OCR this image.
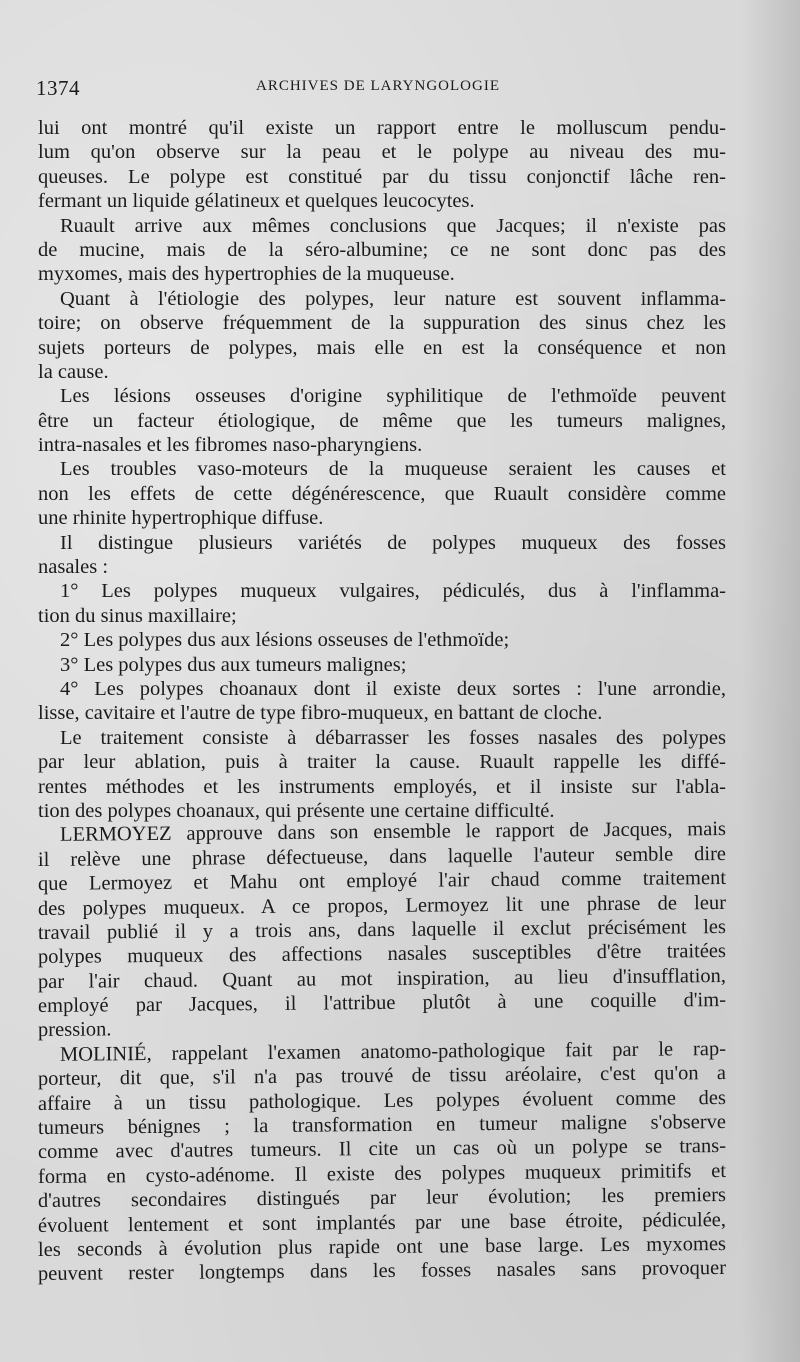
1374	ARCHIVES DE LARYNGOLOGIE
lui ont montré qu'il existe un rapport entre le molluscum pendu-
lum qu'on observe sur la peau et le polype au niveau des mu-
queuses. Le polype est constitué par du tissu conjonctif lâche ren-
fermant un liquide gélatineux et quelques leucocytes.
Ruault arrive aux mêmes conclusions que Jacques; il n'existe pas
de mucine, mais de la séro-albumine; ce ne sont donc pas des
myxomes, mais des hypertrophies de la muqueuse.
Quant à l'étiologie des polypes, leur nature est souvent inflamma-
toire; on observe fréquemment de la suppuration des sinus chez les
sujets porteurs de polypes, mais elle en est la conséquence et non
la cause.
Les lésions osseuses d'origine syphilitique de l'ethmoïde peuvent
être un facteur étiologique, de même que les tumeurs malignes,
intra-nasales et les fibromes naso-pharyngiens.
Les troubles vaso-moteurs de la muqueuse seraient les causes et
non les effets de cette dégénérescence, que Ruault considère comme
une rhinite hypertrophique diffuse.
Il distingue plusieurs variétés de polypes muqueux des fosses
nasales :
1° Les polypes muqueux vulgaires, pédiculés, dus à l'inflamma-
tion du sinus maxillaire;
2° Les polypes dus aux lésions osseuses de l'ethmoïde;
3° Les polypes dus aux tumeurs malignes;
4° Les polypes choanaux dont il existe deux sortes : l'une arrondie,
lisse, cavitaire et l'autre de type fibro-muqueux, en battant de cloche.
Le traitement consiste à débarrasser les fosses nasales des polypes
par leur ablation, puis à traiter la cause. Ruault rappelle les diffé-
rentes méthodes et les instruments employés, et il insiste sur l'abla-
tion des polypes choanaux, qui présente une certaine difficulté.
LERMOYEZ approuve dans son ensemble le rapport de Jacques, mais
il relève une phrase défectueuse, dans laquelle l'auteur semble dire
que Lermoyez et Mahu ont employé l'air chaud comme traitement
des polypes muqueux. A ce propos, Lermoyez lit une phrase de leur
travail publié il y a trois ans, dans laquelle il exclut précisément les
polypes muqueux des affections nasales susceptibles d'être traitées
par l'air chaud. Quant au mot inspiration, au lieu d'insufflation,
employé par Jacques, il l'attribue plutôt à une coquille d'im-
pression.
MOLINIÉ, rappelant l'examen anatomo-pathologique fait par le rap-
porteur, dit que, s'il n'a pas trouvé de tissu aréolaire, c'est qu'on a
affaire à un tissu pathologique. Les polypes évoluent comme des
tumeurs bénignes ; la transformation en tumeur maligne s'observe
comme avec d'autres tumeurs. Il cite un cas où un polype se trans-
forma en cysto-adénome. Il existe des polypes muqueux primitifs et
d'autres secondaires distingués par leur évolution; les premiers
évoluent lentement et sont implantés par une base étroite, pédiculée,
les seconds à évolution plus rapide ont une base large. Les myxomes
peuvent rester longtemps dans les fosses nasales sans provoquer
